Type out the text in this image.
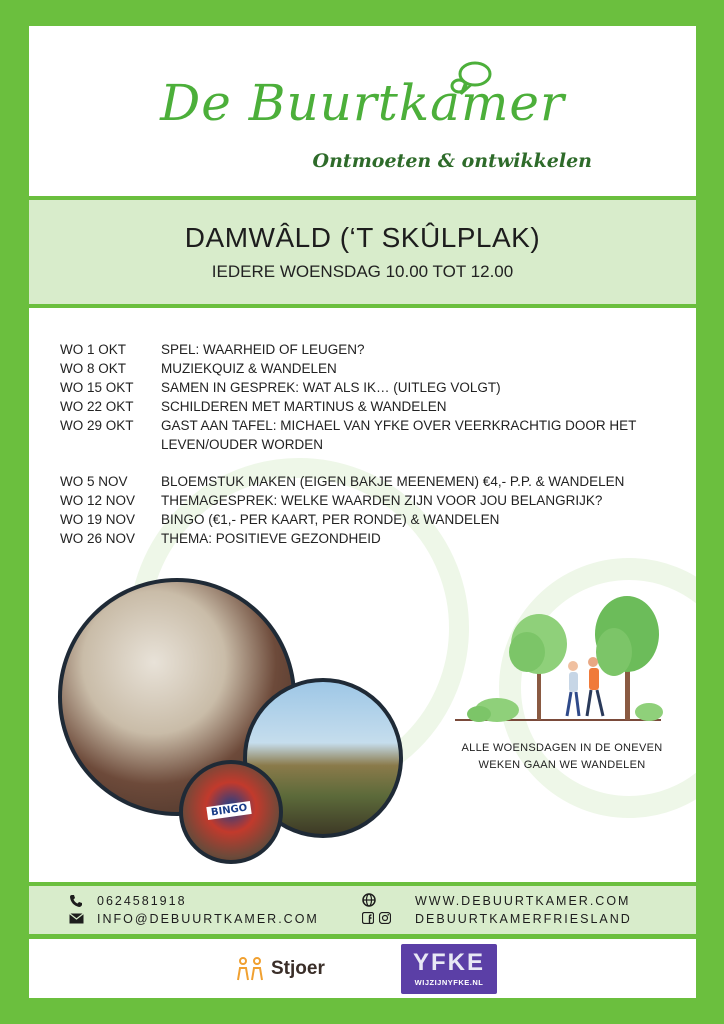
De Buurtkamer
Ontmoeten & ontwikkelen
DAMWÂLD (‘T SKÛLPLAK)
IEDERE WOENSDAG 10.00 TOT 12.00
WO 1 OKT	SPEL: WAARHEID OF LEUGEN?
WO 8 OKT	MUZIEKQUIZ & WANDELEN
WO 15 OKT	SAMEN IN GESPREK: WAT ALS IK… (UITLEG VOLGT)
WO 22 OKT	SCHILDEREN MET MARTINUS & WANDELEN
WO 29 OKT	GAST AAN TAFEL: MICHAEL VAN YFKE OVER VEERKRACHTIG DOOR HET LEVEN/OUDER WORDEN
WO 5 NOV	BLOEMSTUK MAKEN (EIGEN BAKJE MEENEMEN) €4,- P.P. & WANDELEN
WO 12 NOV	THEMAGESPREK: WELKE WAARDEN ZIJN VOOR JOU BELANGRIJK?
WO 19 NOV	BINGO (€1,- PER KAART, PER RONDE) & WANDELEN
WO 26 NOV	THEMA: POSITIEVE GEZONDHEID
BINGO
ALLE WOENSDAGEN IN DE ONEVEN WEKEN GAAN WE WANDELEN
0624581918
INFO@DEBUURTKAMER.COM
WWW.DEBUURTKAMER.COM
DEBUURTKAMERFRIESLAND
Stjoer	YFKE
WIJZIJNYFKE.NL
